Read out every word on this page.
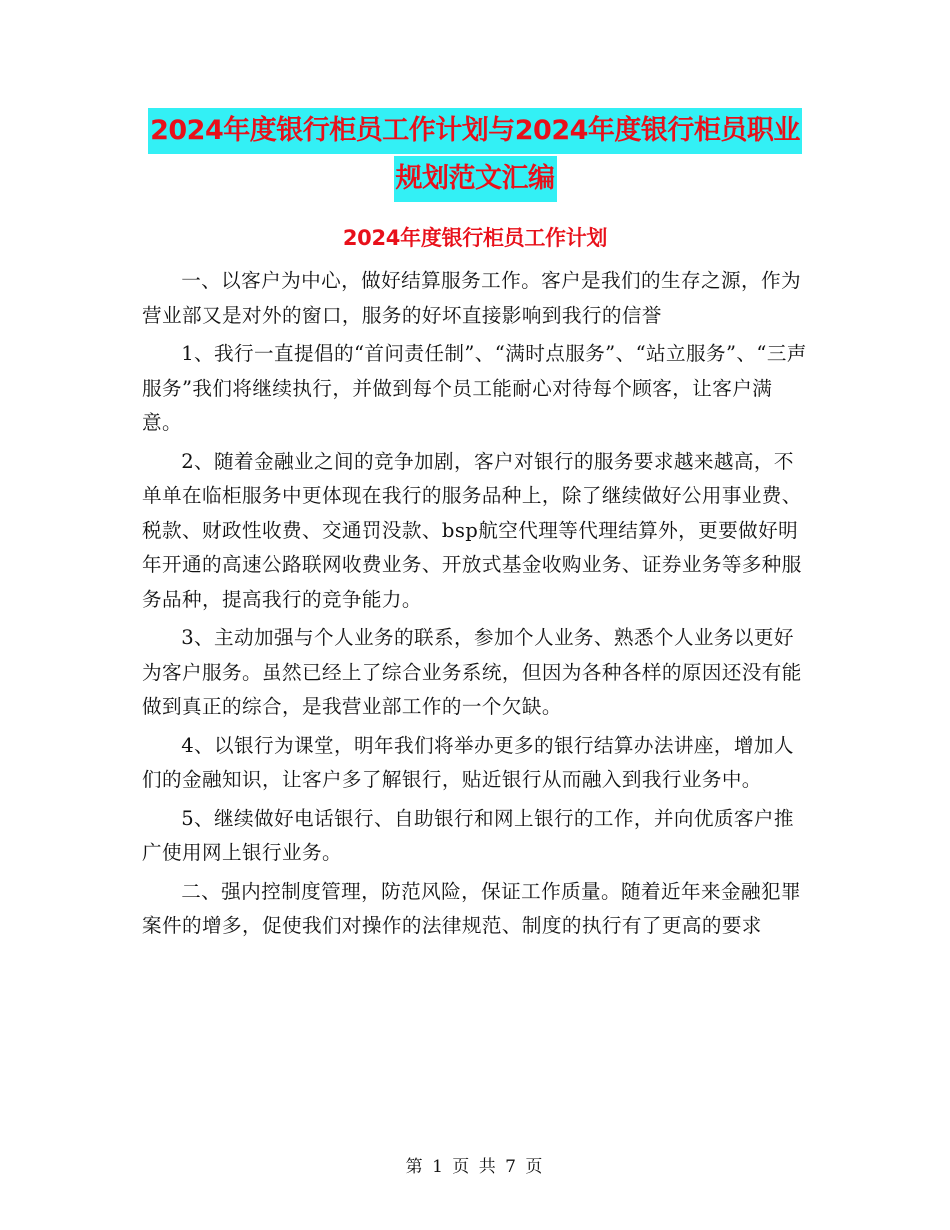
2024年度银行柜员工作计划与2024年度银行柜员职业
规划范文汇编
2024年度银行柜员工作计划

一、以客户为中心，做好结算服务工作。客户是我们的生存之源，作为营业部又是对外的窗口，服务的好坏直接影响到我行的信誉

1、我行一直提倡的“首问责任制”、“满时点服务”、“站立服务”、“三声服务”我们将继续执行，并做到每个员工能耐心对待每个顾客，让客户满意。

2、随着金融业之间的竞争加剧，客户对银行的服务要求越来越高，不单单在临柜服务中更体现在我行的服务品种上，除了继续做好公用事业费、税款、财政性收费、交通罚没款、bsp航空代理等代理结算外，更要做好明年开通的高速公路联网收费业务、开放式基金收购业务、证券业务等多种服务品种，提高我行的竞争能力。

3、主动加强与个人业务的联系，参加个人业务、熟悉个人业务以更好为客户服务。虽然已经上了综合业务系统，但因为各种各样的原因还没有能做到真正的综合，是我营业部工作的一个欠缺。

4、以银行为课堂，明年我们将举办更多的银行结算办法讲座，增加人们的金融知识，让客户多了解银行，贴近银行从而融入到我行业务中。

5、继续做好电话银行、自助银行和网上银行的工作，并向优质客户推广使用网上银行业务。

二、强内控制度管理，防范风险，保证工作质量。随着近年来金融犯罪案件的增多，促使我们对操作的法律规范、制度的执行有了更高的要求

第 1 页 共 7 页
